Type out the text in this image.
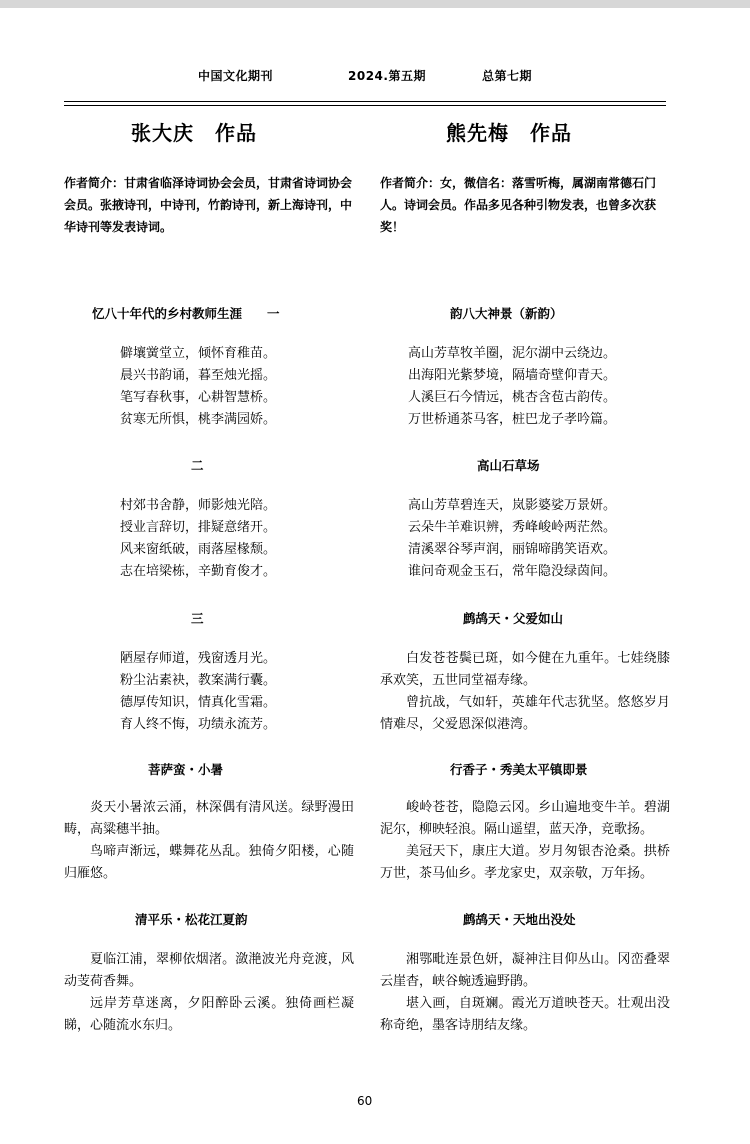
中国文化期刊	2024.第五期	总第七期
张大庆　作品
作者简介：甘肃省临泽诗词协会会员，甘肃省诗词协会会员。张掖诗刊，中诗刊，竹韵诗刊，新上海诗刊，中华诗刊等发表诗词。
忆八十年代的乡村教师生涯　　一
僻壤黉堂立，倾怀育稚苗。
晨兴书韵诵，暮至烛光摇。
笔写春秋事，心耕智慧桥。
贫寒无所惧，桃李满园娇。
二
村郊书舍静，师影烛光陪。
授业言辞切，排疑意绪开。
风来窗纸破，雨落屋椽颓。
志在培梁栋，辛勤育俊才。
三
陋屋存师道，残窗透月光。
粉尘沾素袂，教案满行囊。
德厚传知识，情真化雪霜。
育人终不悔，功绩永流芳。
菩萨蛮・小暑

炎天小暑浓云涌，林深偶有清风送。绿野漫田畴，高粱穗半抽。

鸟啼声渐远，蝶舞花丛乱。独倚夕阳楼，心随归雁悠。

清平乐・松花江夏韵

夏临江浦，翠柳依烟渚。潋滟波光舟竞渡，风动芰荷香舞。

远岸芳草迷离，夕阳醉卧云溪。独倚画栏凝睇，心随流水东归。

熊先梅　作品
作者简介：女，微信名：落雪听梅，属湖南常德石门人。诗词会员。作品多见各种引物发表，也曾多次获奖！
韵八大神景（新韵）
高山芳草牧羊圈，泥尔湖中云绕边。
出海阳光紫梦境，隔墙奇壁仰青天。
人溪巨石今情远，桃杏含苞古韵传。
万世桥通茶马客，桩巴龙子孝吟篇。
高山石草场
高山芳草碧连天，岚影婆娑万景妍。
云朵牛羊难识辨，秀峰峻岭两茫然。
清溪翠谷琴声润，丽锦啼鹃笑语欢。
谁问奇观金玉石，常年隐没绿茵间。
鹧鸪天・父爱如山

白发苍苍鬓已斑，如今健在九重年。七娃绕膝承欢笑，五世同堂福寿缘。

曾抗战，气如轩，英雄年代志犹坚。悠悠岁月情难尽，父爱恩深似港湾。

行香子・秀美太平镇即景

峻岭苍苍，隐隐云冈。乡山遍地变牛羊。碧湖泥尔，柳映轻浪。隔山遥望，蓝天净，竞歌扬。

美冠天下，康庄大道。岁月匆银杏沧桑。拱桥万世，茶马仙乡。孝龙家史，双亲敬，万年扬。

鹧鸪天・天地出没处

湘鄂毗连景色妍，凝神注目仰丛山。冈峦叠翠云崖杳，峡谷蜿透遍野鹃。

堪入画，自斑斓。霞光万道映苍天。壮观出没称奇绝，墨客诗朋结友缘。

60
